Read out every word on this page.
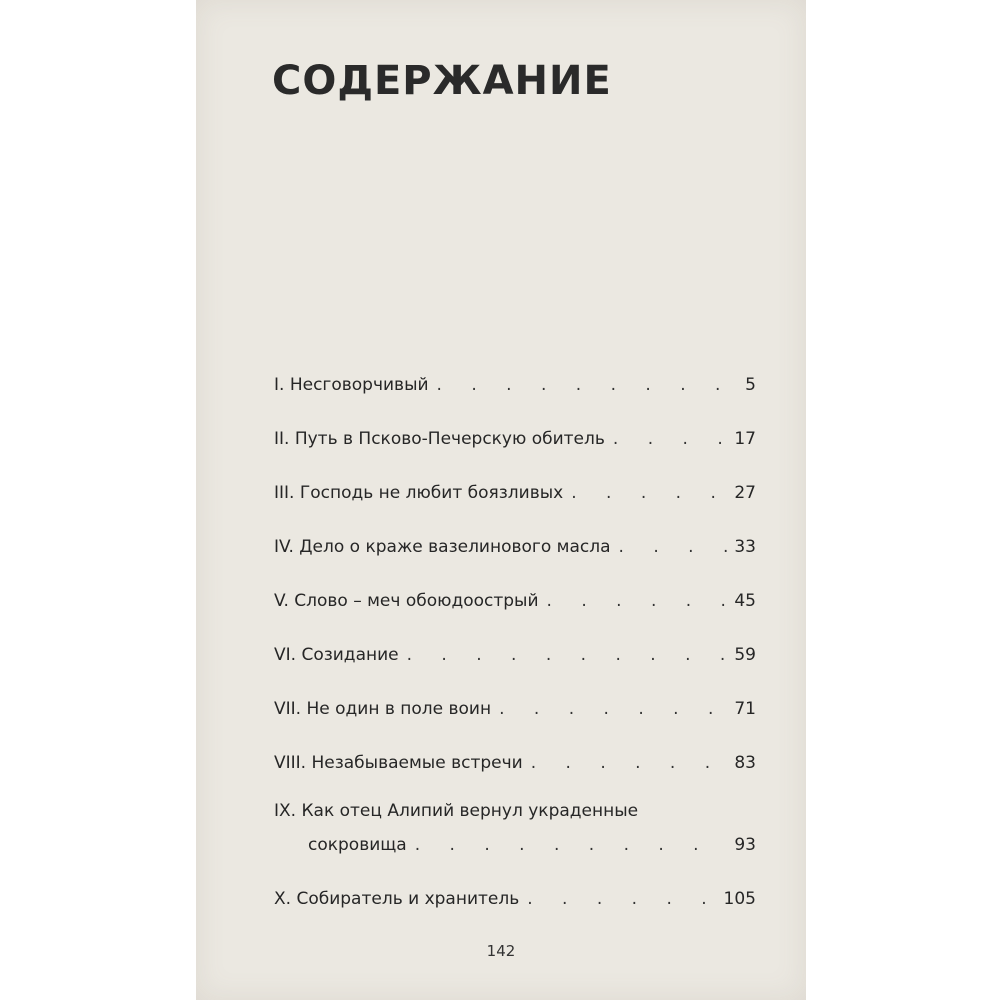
СОДЕРЖАНИЕ
I. Несговорчивый . . .	5
II. Путь в Псково-Печерскую обитель . . .	17
III. Господь не любит боязливых . . .	27
IV. Дело о краже вазелинового масла . . .	33
V. Слово – меч обоюдоострый . . .	45
VI. Созидание . . .	59
VII. Не один в поле воин . . .	71
VIII. Незабываемые встречи . . .	83
IX. Как отец Алипий вернул украденные
сокровища . . .	93
X. Собиратель и хранитель . . .	105
142
